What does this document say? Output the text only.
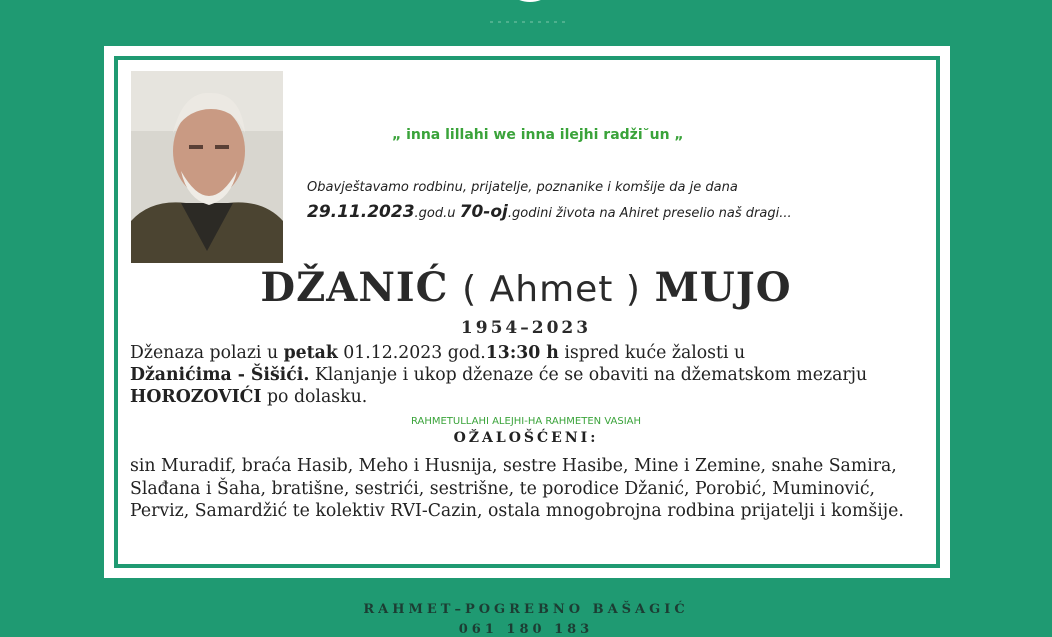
„ inna lillahi we inna ilejhi radži˘un „
Obavještavamo rodbinu, prijatelje, poznanike i komšije da je dana
29.11.2023.god.u 70-oj.godini života na Ahiret preselio naš dragi...
DŽANIĆ ( Ahmet ) MUJO
1954–2023
Dženaza polazi u petak 01.12.2023 god.13:30 h ispred kuće žalosti u
Džanićima - Šišići. Klanjanje i ukop dženaze će se obaviti na džematskom mezarju HOROZOVIĆI po dolasku.
RAHMETULLAHI ALEJHI-HA RAHMETEN VASIAH
OŽALOŠĆENI:
sin Muradif, braća Hasib, Meho i Husnija, sestre Hasibe, Mine i Zemine, snahe Samira, Slađana i Šaha, bratišne, sestrići, sestrišne, te porodice Džanić, Porobić, Muminović, Perviz, Samardžić te kolektiv RVI-Cazin, ostala mnogobrojna rodbina prijatelji i komšije.
RAHMET–POGREBNO BAŠAGIĆ
061 180 183
